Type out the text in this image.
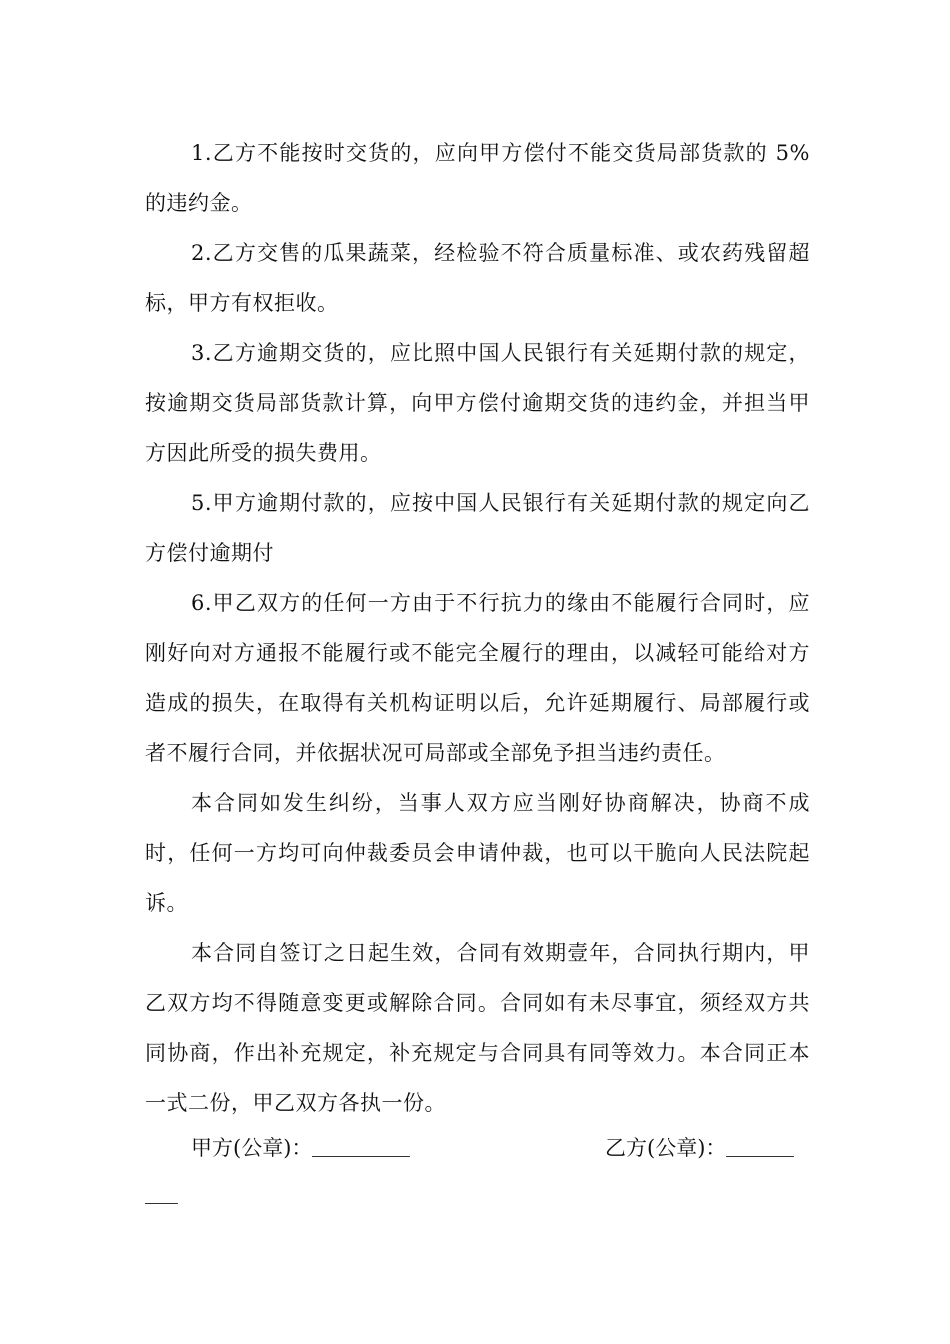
1.乙方不能按时交货的，应向甲方偿付不能交货局部货款的 5%的违约金。

2.乙方交售的瓜果蔬菜，经检验不符合质量标准、或农药残留超标，甲方有权拒收。

3.乙方逾期交货的，应比照中国人民银行有关延期付款的规定，按逾期交货局部货款计算，向甲方偿付逾期交货的违约金，并担当甲方因此所受的损失费用。

5.甲方逾期付款的，应按中国人民银行有关延期付款的规定向乙方偿付逾期付

6.甲乙双方的任何一方由于不行抗力的缘由不能履行合同时，应刚好向对方通报不能履行或不能完全履行的理由，以减轻可能给对方造成的损失，在取得有关机构证明以后，允许延期履行、局部履行或者不履行合同，并依据状况可局部或全部免予担当违约责任。

本合同如发生纠纷，当事人双方应当刚好协商解决，协商不成时，任何一方均可向仲裁委员会申请仲裁，也可以干脆向人民法院起诉。

本合同自签订之日起生效，合同有效期壹年，合同执行期内，甲乙双方均不得随意变更或解除合同。合同如有未尽事宜，须经双方共同协商，作出补充规定，补充规定与合同具有同等效力。本合同正本一式二份，甲乙双方各执一份。

甲方(公章)：	乙方(公章)：
